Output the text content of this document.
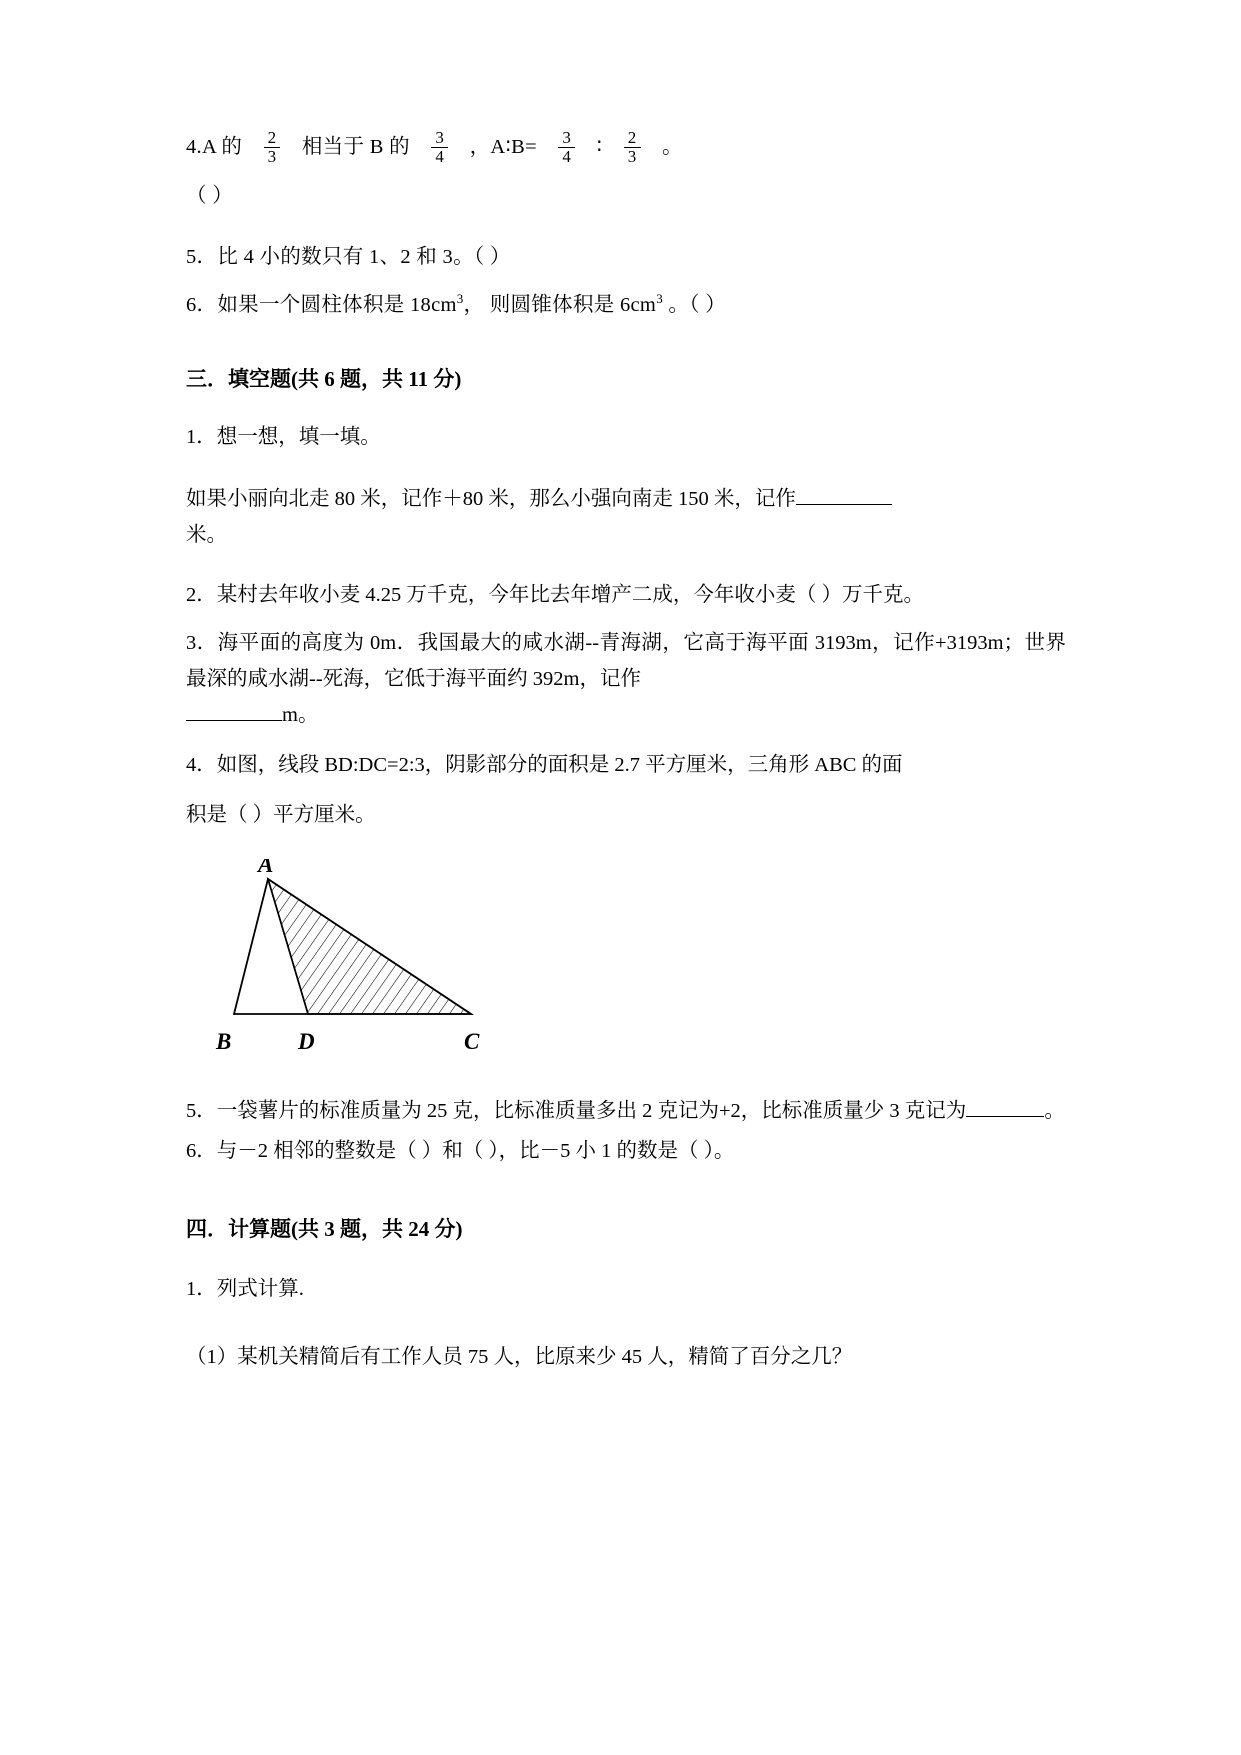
4.A 的 $\frac{2}{3}$ 相当于 B 的 $\frac{3}{4}$ ，A∶B= $\frac{3}{4}$ ∶ $\frac{2}{3}$ 。
（ ）
5．比 4 小的数只有 1、2 和 3。（ ）
6．如果一个圆柱体积是 $18cm^3$， 则圆锥体积是 $6cm^3$ 。（ ）
三．填空题(共 6 题，共 11 分)
1．想一想，填一填。
如果小丽向北走 80 米，记作＋80 米，那么小强向南走 150 米，记作
米。
2．某村去年收小麦 4.25 万千克，今年比去年增产二成，今年收小麦（ ）万千克。
3．海平面的高度为 0m．我国最大的咸水湖--青海湖，它高于海平面 3193m，记作+3193m；世界最深的咸水湖--死海，它低于海平面约 392m，记作
m。
4．如图，线段 BD:DC=2:3，阴影部分的面积是 2.7 平方厘米，三角形 ABC 的面
积是（ ）平方厘米。
A
B	D	C
5．一袋薯片的标准质量为 25 克，比标准质量多出 2 克记为+2，比标准质量少 3 克记为	。
6．与－2 相邻的整数是（ ）和（ ），比－5 小 1 的数是（ ）。
四．计算题(共 3 题，共 24 分)
1．列式计算.
（1）某机关精简后有工作人员 75 人，比原来少 45 人，精简了百分之几？
